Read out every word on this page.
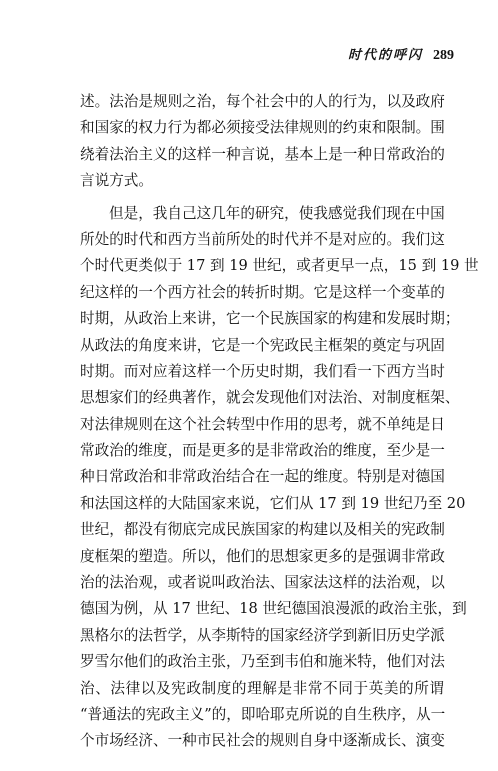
时代的呼闪 289
述。法治是规则之治，每个社会中的人的行为，以及政府
和国家的权力行为都必须接受法律规则的约束和限制。围
绕着法治主义的这样一种言说，基本上是一种日常政治的
言说方式。
但是，我自己这几年的研究，使我感觉我们现在中国
所处的时代和西方当前所处的时代并不是对应的。我们这
个时代更类似于 17 到 19 世纪，或者更早一点，15 到 19 世
纪这样的一个西方社会的转折时期。它是这样一个变革的
时期，从政治上来讲，它一个民族国家的构建和发展时期；
从政法的角度来讲，它是一个宪政民主框架的奠定与巩固
时期。而对应着这样一个历史时期，我们看一下西方当时
思想家们的经典著作，就会发现他们对法治、对制度框架、
对法律规则在这个社会转型中作用的思考，就不单纯是日
常政治的维度，而是更多的是非常政治的维度，至少是一
种日常政治和非常政治结合在一起的维度。特别是对德国
和法国这样的大陆国家来说，它们从 17 到 19 世纪乃至 20
世纪，都没有彻底完成民族国家的构建以及相关的宪政制
度框架的塑造。所以，他们的思想家更多的是强调非常政
治的法治观，或者说叫政治法、国家法这样的法治观，以
德国为例，从 17 世纪、18 世纪德国浪漫派的政治主张，到
黑格尔的法哲学，从李斯特的国家经济学到新旧历史学派
罗雪尔他们的政治主张，乃至到韦伯和施米特，他们对法
治、法律以及宪政制度的理解是非常不同于英美的所谓
“普通法的宪政主义”的，即哈耶克所说的自生秩序，从一
个市场经济、一种市民社会的规则自身中逐渐成长、演变
